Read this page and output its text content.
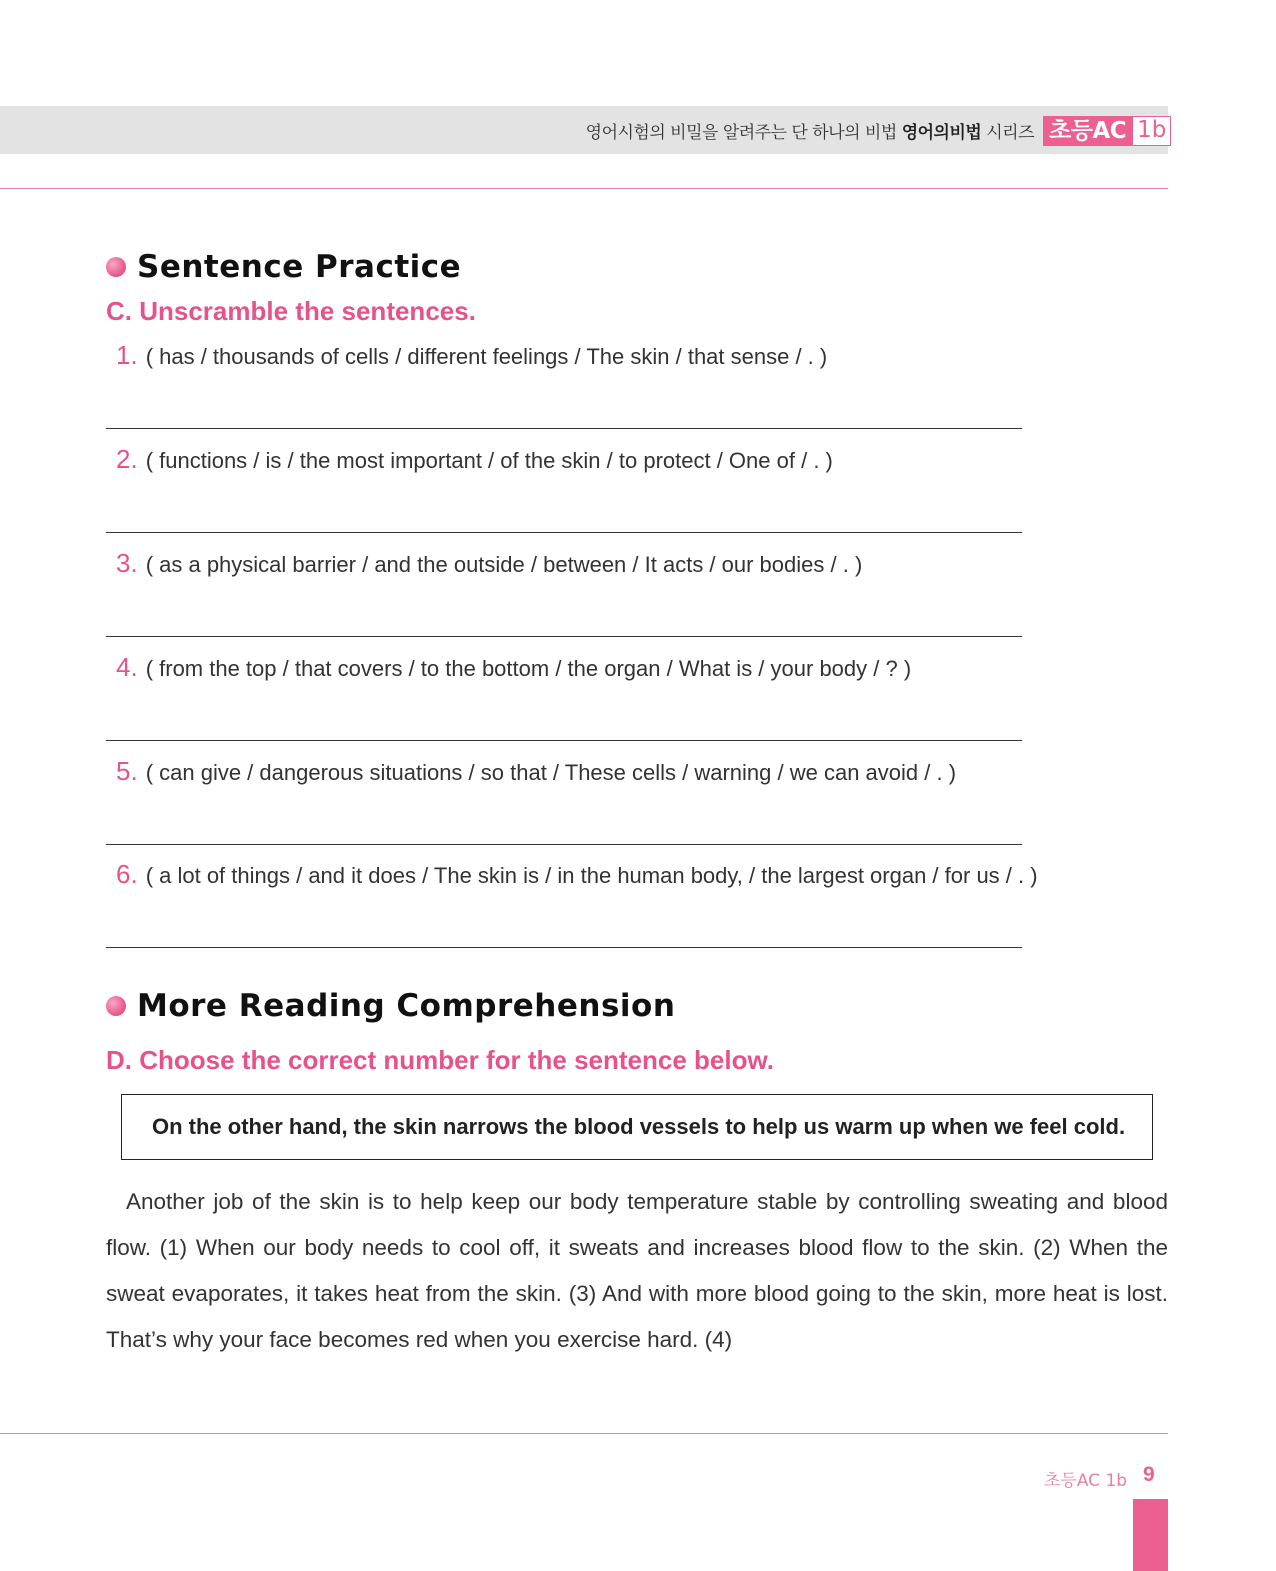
영어시험의 비밀을 알려주는 단 하나의 비법 영어의비법 시리즈 초등AC 1b
Sentence Practice
C. Unscramble the sentences.
1. ( has / thousands of cells / different feelings / The skin / that sense / . )
2. ( functions / is / the most important / of the skin / to protect / One of / . )
3. ( as a physical barrier / and the outside / between / It acts / our bodies / . )
4. ( from the top / that covers / to the bottom / the organ / What is / your body / ? )
5. ( can give / dangerous situations / so that / These cells / warning / we can avoid / . )
6. ( a lot of things / and it does / The skin is / in the human body, / the largest organ / for us / . )
More Reading Comprehension
D. Choose the correct number for the sentence below.
On the other hand, the skin narrows the blood vessels to help us warm up when we feel cold.
Another job of the skin is to help keep our body temperature stable by controlling sweating and blood flow. (1) When our body needs to cool off, it sweats and increases blood flow to the skin. (2) When the sweat evaporates, it takes heat from the skin. (3) And with more blood going to the skin, more heat is lost. That’s why your face becomes red when you exercise hard. (4)
초등AC 1b 9
